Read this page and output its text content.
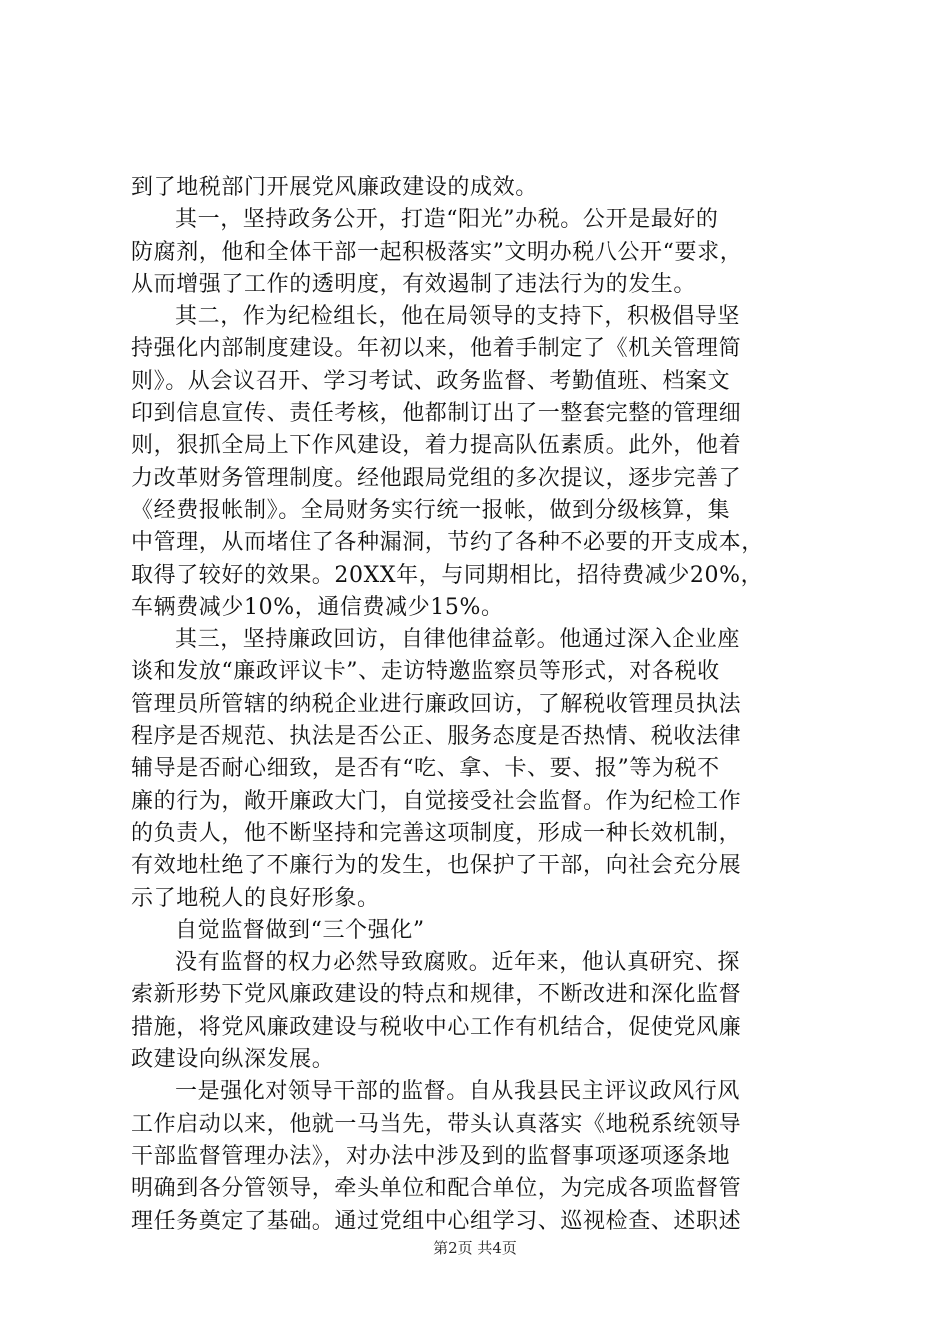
到了地税部门开展党风廉政建设的成效。
其一，坚持政务公开，打造“阳光”办税。公开是最好的
防腐剂，他和全体干部一起积极落实”文明办税八公开“要求，
从而增强了工作的透明度，有效遏制了违法行为的发生。
其二，作为纪检组长，他在局领导的支持下，积极倡导坚
持强化内部制度建设。年初以来，他着手制定了《机关管理简
则》。从会议召开、学习考试、政务监督、考勤值班、档案文
印到信息宣传、责任考核，他都制订出了一整套完整的管理细
则，狠抓全局上下作风建设，着力提高队伍素质。此外，他着
力改革财务管理制度。经他跟局党组的多次提议，逐步完善了
《经费报帐制》。全局财务实行统一报帐，做到分级核算，集
中管理，从而堵住了各种漏洞，节约了各种不必要的开支成本，
取得了较好的效果。20XX年，与同期相比，招待费减少20%，
车辆费减少10%，通信费减少15%。
其三，坚持廉政回访，自律他律益彰。他通过深入企业座
谈和发放“廉政评议卡”、走访特邀监察员等形式，对各税收
管理员所管辖的纳税企业进行廉政回访，了解税收管理员执法
程序是否规范、执法是否公正、服务态度是否热情、税收法律
辅导是否耐心细致，是否有“吃、拿、卡、要、报”等为税不
廉的行为，敞开廉政大门，自觉接受社会监督。作为纪检工作
的负责人，他不断坚持和完善这项制度，形成一种长效机制，
有效地杜绝了不廉行为的发生，也保护了干部，向社会充分展
示了地税人的良好形象。
自觉监督做到“三个强化”
没有监督的权力必然导致腐败。近年来，他认真研究、探
索新形势下党风廉政建设的特点和规律，不断改进和深化监督
措施，将党风廉政建设与税收中心工作有机结合，促使党风廉
政建设向纵深发展。
一是强化对领导干部的监督。自从我县民主评议政风行风
工作启动以来，他就一马当先，带头认真落实《地税系统领导
干部监督管理办法》，对办法中涉及到的监督事项逐项逐条地
明确到各分管领导，牵头单位和配合单位，为完成各项监督管
理任务奠定了基础。通过党组中心组学习、巡视检查、述职述
第2页 共4页
